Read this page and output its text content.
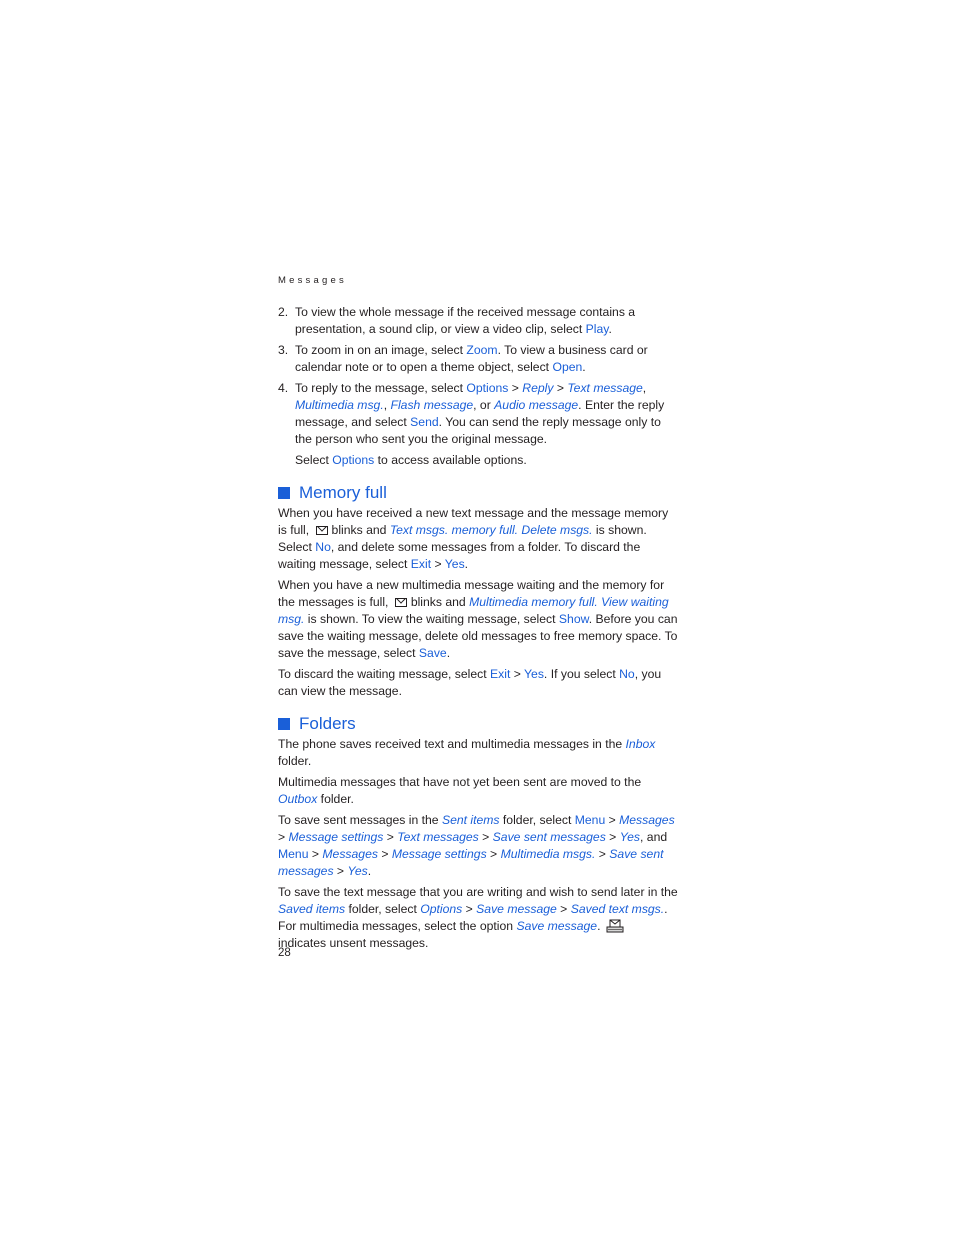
Messages
2. To view the whole message if the received message contains a presentation, a sound clip, or view a video clip, select Play.
3. To zoom in on an image, select Zoom. To view a business card or calendar note or to open a theme object, select Open.
4. To reply to the message, select Options > Reply > Text message, Multimedia msg., Flash message, or Audio message. Enter the reply message, and select Send. You can send the reply message only to the person who sent you the original message.

Select Options to access available options.

Memory full

When you have received a new text message and the message memory is full, blinks and Text msgs. memory full. Delete msgs. is shown. Select No, and delete some messages from a folder. To discard the waiting message, select Exit > Yes.

When you have a new multimedia message waiting and the memory for the messages is full, blinks and Multimedia memory full. View waiting msg. is shown. To view the waiting message, select Show. Before you can save the waiting message, delete old messages to free memory space. To save the message, select Save.

To discard the waiting message, select Exit > Yes. If you select No, you can view the message.

Folders

The phone saves received text and multimedia messages in the Inbox folder.

Multimedia messages that have not yet been sent are moved to the Outbox folder.

To save sent messages in the Sent items folder, select Menu > Messages > Message settings > Text messages > Save sent messages > Yes, and Menu > Messages > Message settings > Multimedia msgs. > Save sent messages > Yes.

To save the text message that you are writing and wish to send later in the Saved items folder, select Options > Save message > Saved text msgs.. For multimedia messages, select the option Save message. indicates unsent messages.

28
